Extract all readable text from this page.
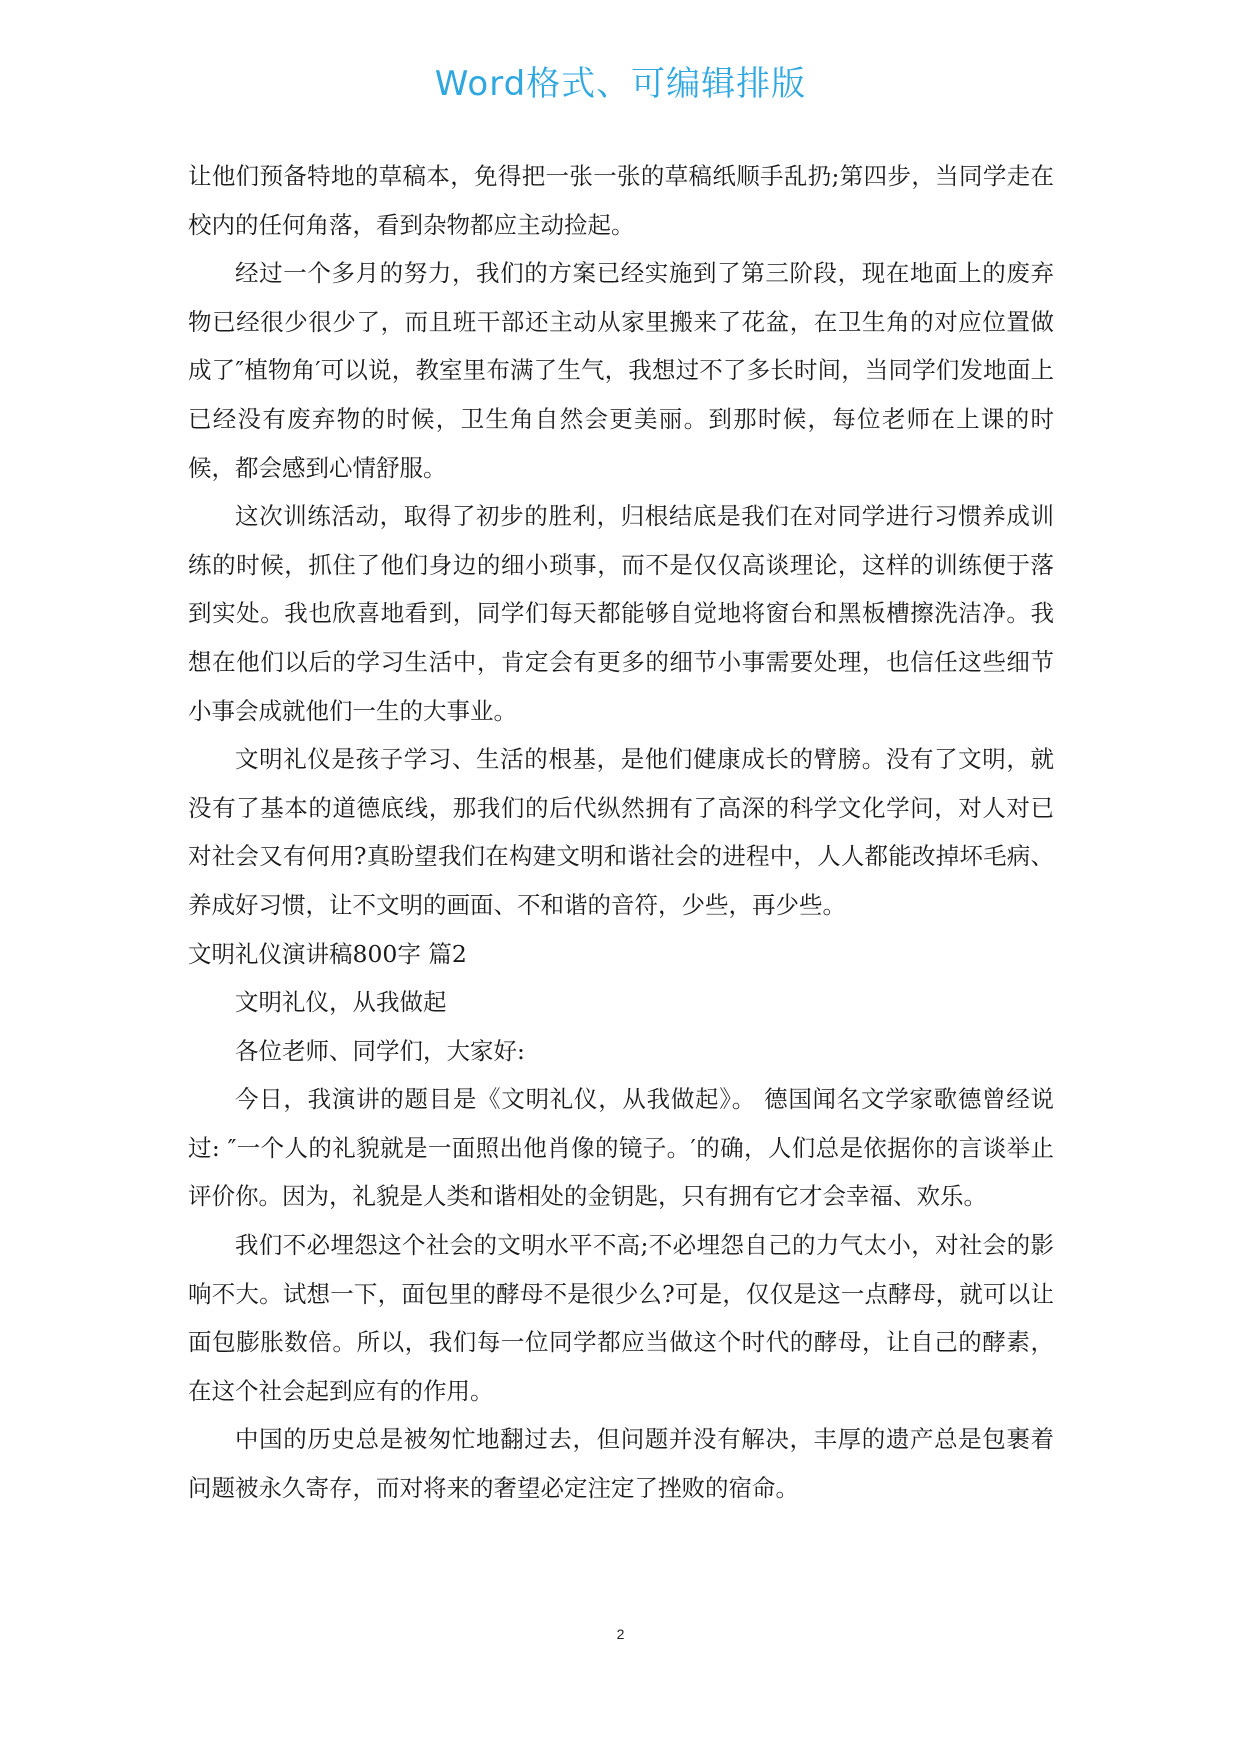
Word格式、可编辑排版

让他们预备特地的草稿本，免得把一张一张的草稿纸顺手乱扔;第四步，当同学走在校内的任何角落，看到杂物都应主动捡起。

经过一个多月的努力，我们的方案已经实施到了第三阶段，现在地面上的废弃物已经很少很少了，而且班干部还主动从家里搬来了花盆，在卫生角的对应位置做成了″植物角′可以说，教室里布满了生气，我想过不了多长时间，当同学们发地面上已经没有废弃物的时候，卫生角自然会更美丽。到那时候，每位老师在上课的时候，都会感到心情舒服。

这次训练活动，取得了初步的胜利，归根结底是我们在对同学进行习惯养成训练的时候，抓住了他们身边的细小琐事，而不是仅仅高谈理论，这样的训练便于落到实处。我也欣喜地看到，同学们每天都能够自觉地将窗台和黑板槽擦洗洁净。我想在他们以后的学习生活中，肯定会有更多的细节小事需要处理，也信任这些细节小事会成就他们一生的大事业。

文明礼仪是孩子学习、生活的根基，是他们健康成长的臂膀。没有了文明，就没有了基本的道德底线，那我们的后代纵然拥有了高深的科学文化学问，对人对已对社会又有何用?真盼望我们在构建文明和谐社会的进程中，人人都能改掉坏毛病、养成好习惯，让不文明的画面、不和谐的音符，少些，再少些。

文明礼仪演讲稿800字 篇2

文明礼仪，从我做起

各位老师、同学们，大家好:

今日，我演讲的题目是《文明礼仪，从我做起》。 德国闻名文学家歌德曾经说过: ″一个人的礼貌就是一面照出他肖像的镜子。′的确，人们总是依据你的言谈举止评价你。因为，礼貌是人类和谐相处的金钥匙，只有拥有它才会幸福、欢乐。

我们不必埋怨这个社会的文明水平不高;不必埋怨自己的力气太小，对社会的影响不大。试想一下，面包里的酵母不是很少么?可是，仅仅是这一点酵母，就可以让面包膨胀数倍。所以，我们每一位同学都应当做这个时代的酵母，让自己的酵素，在这个社会起到应有的作用。

中国的历史总是被匆忙地翻过去，但问题并没有解决，丰厚的遗产总是包裹着问题被永久寄存，而对将来的奢望必定注定了挫败的宿命。

2
